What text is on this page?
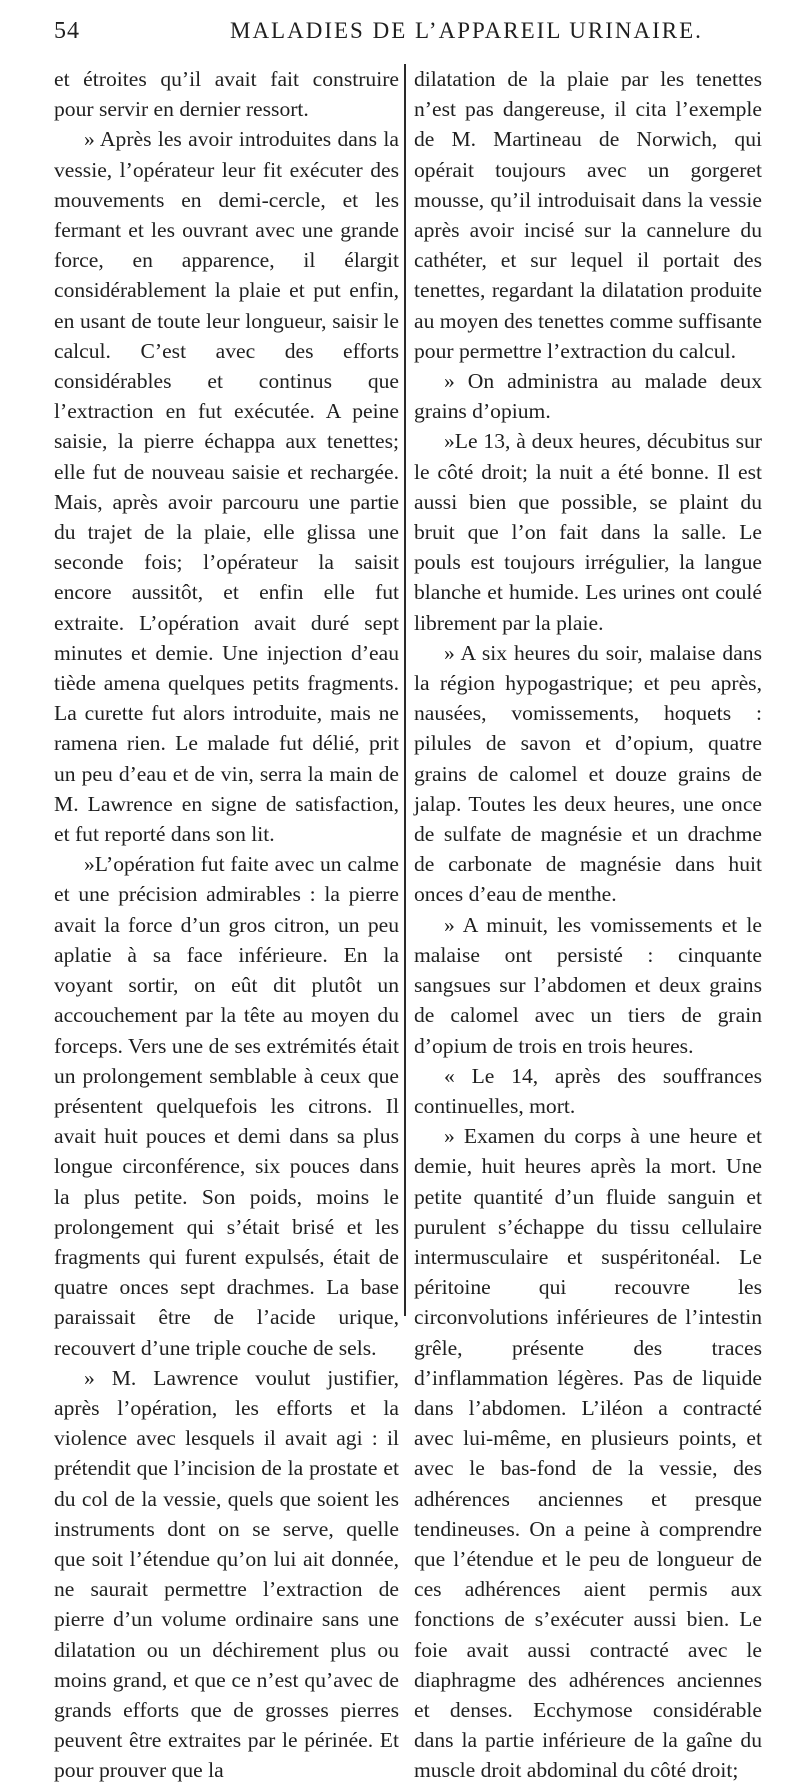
54	MALADIES DE L’APPAREIL URINAIRE.

et étroites qu’il avait fait construire pour servir en dernier ressort.

» Après les avoir introduites dans la vessie, l’opérateur leur fit exécuter des mouvements en demi-cercle, et les fermant et les ouvrant avec une grande force, en apparence, il élargit considérablement la plaie et put enfin, en usant de toute leur longueur, saisir le calcul. C’est avec des efforts considérables et continus que l’extraction en fut exécutée. A peine saisie, la pierre échappa aux tenettes; elle fut de nouveau saisie et rechargée. Mais, après avoir parcouru une partie du trajet de la plaie, elle glissa une seconde fois; l’opérateur la saisit encore aussitôt, et enfin elle fut extraite. L’opération avait duré sept minutes et demie. Une injection d’eau tiède amena quelques petits fragments. La curette fut alors introduite, mais ne ramena rien. Le malade fut délié, prit un peu d’eau et de vin, serra la main de M. Lawrence en signe de satisfaction, et fut reporté dans son lit.

»L’opération fut faite avec un calme et une précision admirables : la pierre avait la force d’un gros citron, un peu aplatie à sa face inférieure. En la voyant sortir, on eût dit plutôt un accouchement par la tête au moyen du forceps. Vers une de ses extrémités était un prolongement semblable à ceux que présentent quelquefois les citrons. Il avait huit pouces et demi dans sa plus longue circonférence, six pouces dans la plus petite. Son poids, moins le prolongement qui s’était brisé et les fragments qui furent expulsés, était de quatre onces sept drachmes. La base paraissait être de l’acide urique, recouvert d’une triple couche de sels.

» M. Lawrence voulut justifier, après l’opération, les efforts et la violence avec lesquels il avait agi : il prétendit que l’incision de la prostate et du col de la vessie, quels que soient les instruments dont on se serve, quelle que soit l’étendue qu’on lui ait donnée, ne saurait permettre l’extraction de pierre d’un volume ordinaire sans une dilatation ou un déchirement plus ou moins grand, et que ce n’est qu’avec de grands efforts que de grosses pierres peuvent être extraites par le périnée. Et pour prouver que la

dilatation de la plaie par les tenettes n’est pas dangereuse, il cita l’exemple de M. Martineau de Norwich, qui opérait toujours avec un gorgeret mousse, qu’il introduisait dans la vessie après avoir incisé sur la cannelure du cathéter, et sur lequel il portait des tenettes, regardant la dilatation produite au moyen des tenettes comme suffisante pour permettre l’extraction du calcul.

» On administra au malade deux grains d’opium.

»Le 13, à deux heures, décubitus sur le côté droit; la nuit a été bonne. Il est aussi bien que possible, se plaint du bruit que l’on fait dans la salle. Le pouls est toujours irrégulier, la langue blanche et humide. Les urines ont coulé librement par la plaie.

» A six heures du soir, malaise dans la région hypogastrique; et peu après, nausées, vomissements, hoquets : pilules de savon et d’opium, quatre grains de calomel et douze grains de jalap. Toutes les deux heures, une once de sulfate de magnésie et un drachme de carbonate de magnésie dans huit onces d’eau de menthe.

» A minuit, les vomissements et le malaise ont persisté : cinquante sangsues sur l’abdomen et deux grains de calomel avec un tiers de grain d’opium de trois en trois heures.

« Le 14, après des souffrances continuelles, mort.

» Examen du corps à une heure et demie, huit heures après la mort. Une petite quantité d’un fluide sanguin et purulent s’échappe du tissu cellulaire intermusculaire et suspéritonéal. Le péritoine qui recouvre les circonvolutions inférieures de l’intestin grêle, présente des traces d’inflammation légères. Pas de liquide dans l’abdomen. L’iléon a contracté avec lui-même, en plusieurs points, et avec le bas-fond de la vessie, des adhérences anciennes et presque tendineuses. On a peine à comprendre que l’étendue et le peu de longueur de ces adhérences aient permis aux fonctions de s’exécuter aussi bien. Le foie avait aussi contracté avec le diaphragme des adhérences anciennes et denses. Ecchymose considérable dans la partie inférieure de la gaîne du muscle droit abdominal du côté droit;
